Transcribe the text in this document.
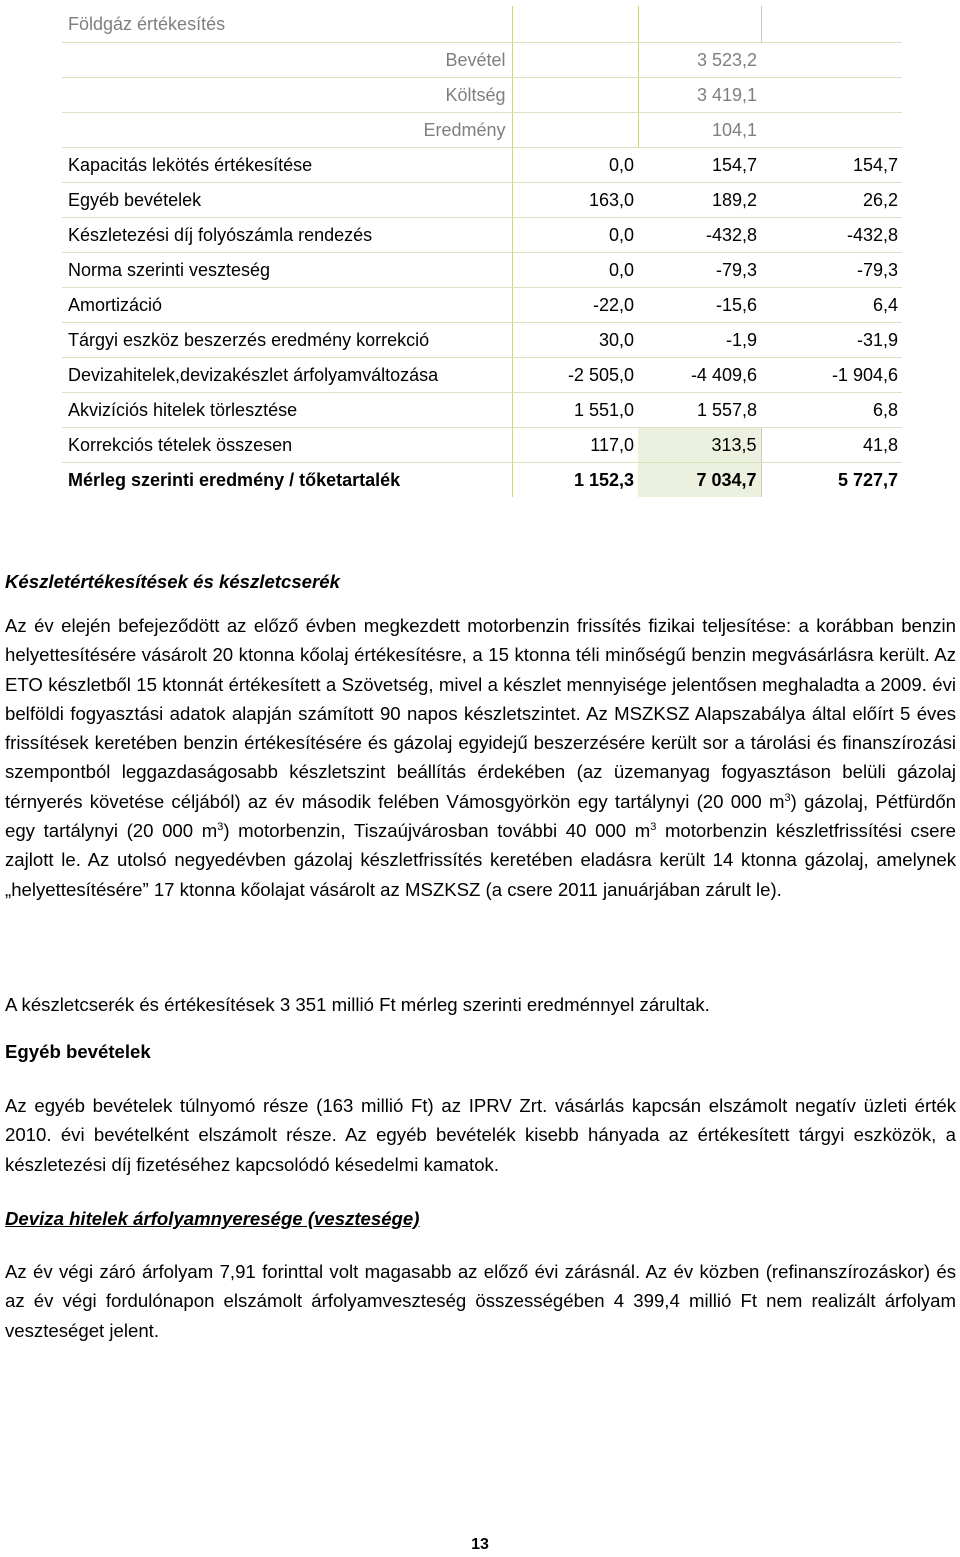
Földgáz értékesítés			
Bevétel		3 523,2	
Költség		3 419,1	
Eredmény		104,1	
Kapacitás lekötés értékesítése	0,0	154,7	154,7
Egyéb bevételek	163,0	189,2	26,2
Készletezési díj folyószámla rendezés	0,0	-432,8	-432,8
Norma szerinti veszteség	0,0	-79,3	-79,3
Amortizáció	-22,0	-15,6	6,4
Tárgyi eszköz beszerzés eredmény korrekció	30,0	-1,9	-31,9
Devizahitelek,devizakészlet árfolyamváltozása	-2 505,0	-4 409,6	-1 904,6
Akvizíciós hitelek törlesztése	1 551,0	1 557,8	6,8
Korrekciós tételek összesen	117,0	313,5	41,8
Mérleg szerinti eredmény / tőketartalék	1 152,3	7 034,7	5 727,7
Készletértékesítések és készletcserék
Az év elején befejeződött az előző évben megkezdett motorbenzin frissítés fizikai teljesítése: a korábban benzin helyettesítésére vásárolt 20 ktonna kőolaj értékesítésre, a 15 ktonna téli minőségű benzin megvásárlásra került. Az ETO készletből 15 ktonnát értékesített a Szövetség, mivel a készlet mennyisége jelentősen meghaladta a 2009. évi belföldi fogyasztási adatok alapján számított 90 napos készletszintet. Az MSZKSZ Alapszabálya által előírt 5 éves frissítések keretében benzin értékesítésére és gázolaj egyidejű beszerzésére került sor a tárolási és finanszírozási szempontból leggazdaságosabb készletszint beállítás érdekében (az üzemanyag fogyasztáson belüli gázolaj térnyerés követése céljából) az év második felében Vámosgyörkön egy tartálynyi (20 000 $m^3$) gázolaj, Pétfürdőn egy tartálynyi (20 000 $m^3$) motorbenzin, Tiszaújvárosban további 40 000 $m^3$ motorbenzin készletfrissítési csere zajlott le. Az utolsó negyedévben gázolaj készletfrissítés keretében eladásra került 14 ktonna gázolaj, amelynek „helyettesítésére” 17 ktonna kőolajat vásárolt az MSZKSZ (a csere 2011 januárjában zárult le).
A készletcserék és értékesítések 3 351 millió Ft mérleg szerinti eredménnyel zárultak.
Egyéb bevételek
Az egyéb bevételek túlnyomó része (163 millió Ft) az IPRV Zrt. vásárlás kapcsán elszámolt negatív üzleti érték 2010. évi bevételként elszámolt része. Az egyéb bevételék kisebb hányada az értékesített tárgyi eszközök, a készletezési díj fizetéséhez kapcsolódó késedelmi kamatok.
Deviza hitelek árfolyamnyeresége (vesztesége)
Az év végi záró árfolyam 7,91 forinttal volt magasabb az előző évi zárásnál. Az év közben (refinanszírozáskor) és az év végi fordulónapon elszámolt árfolyamveszteség összességében 4 399,4 millió Ft nem realizált árfolyam veszteséget jelent.
13
